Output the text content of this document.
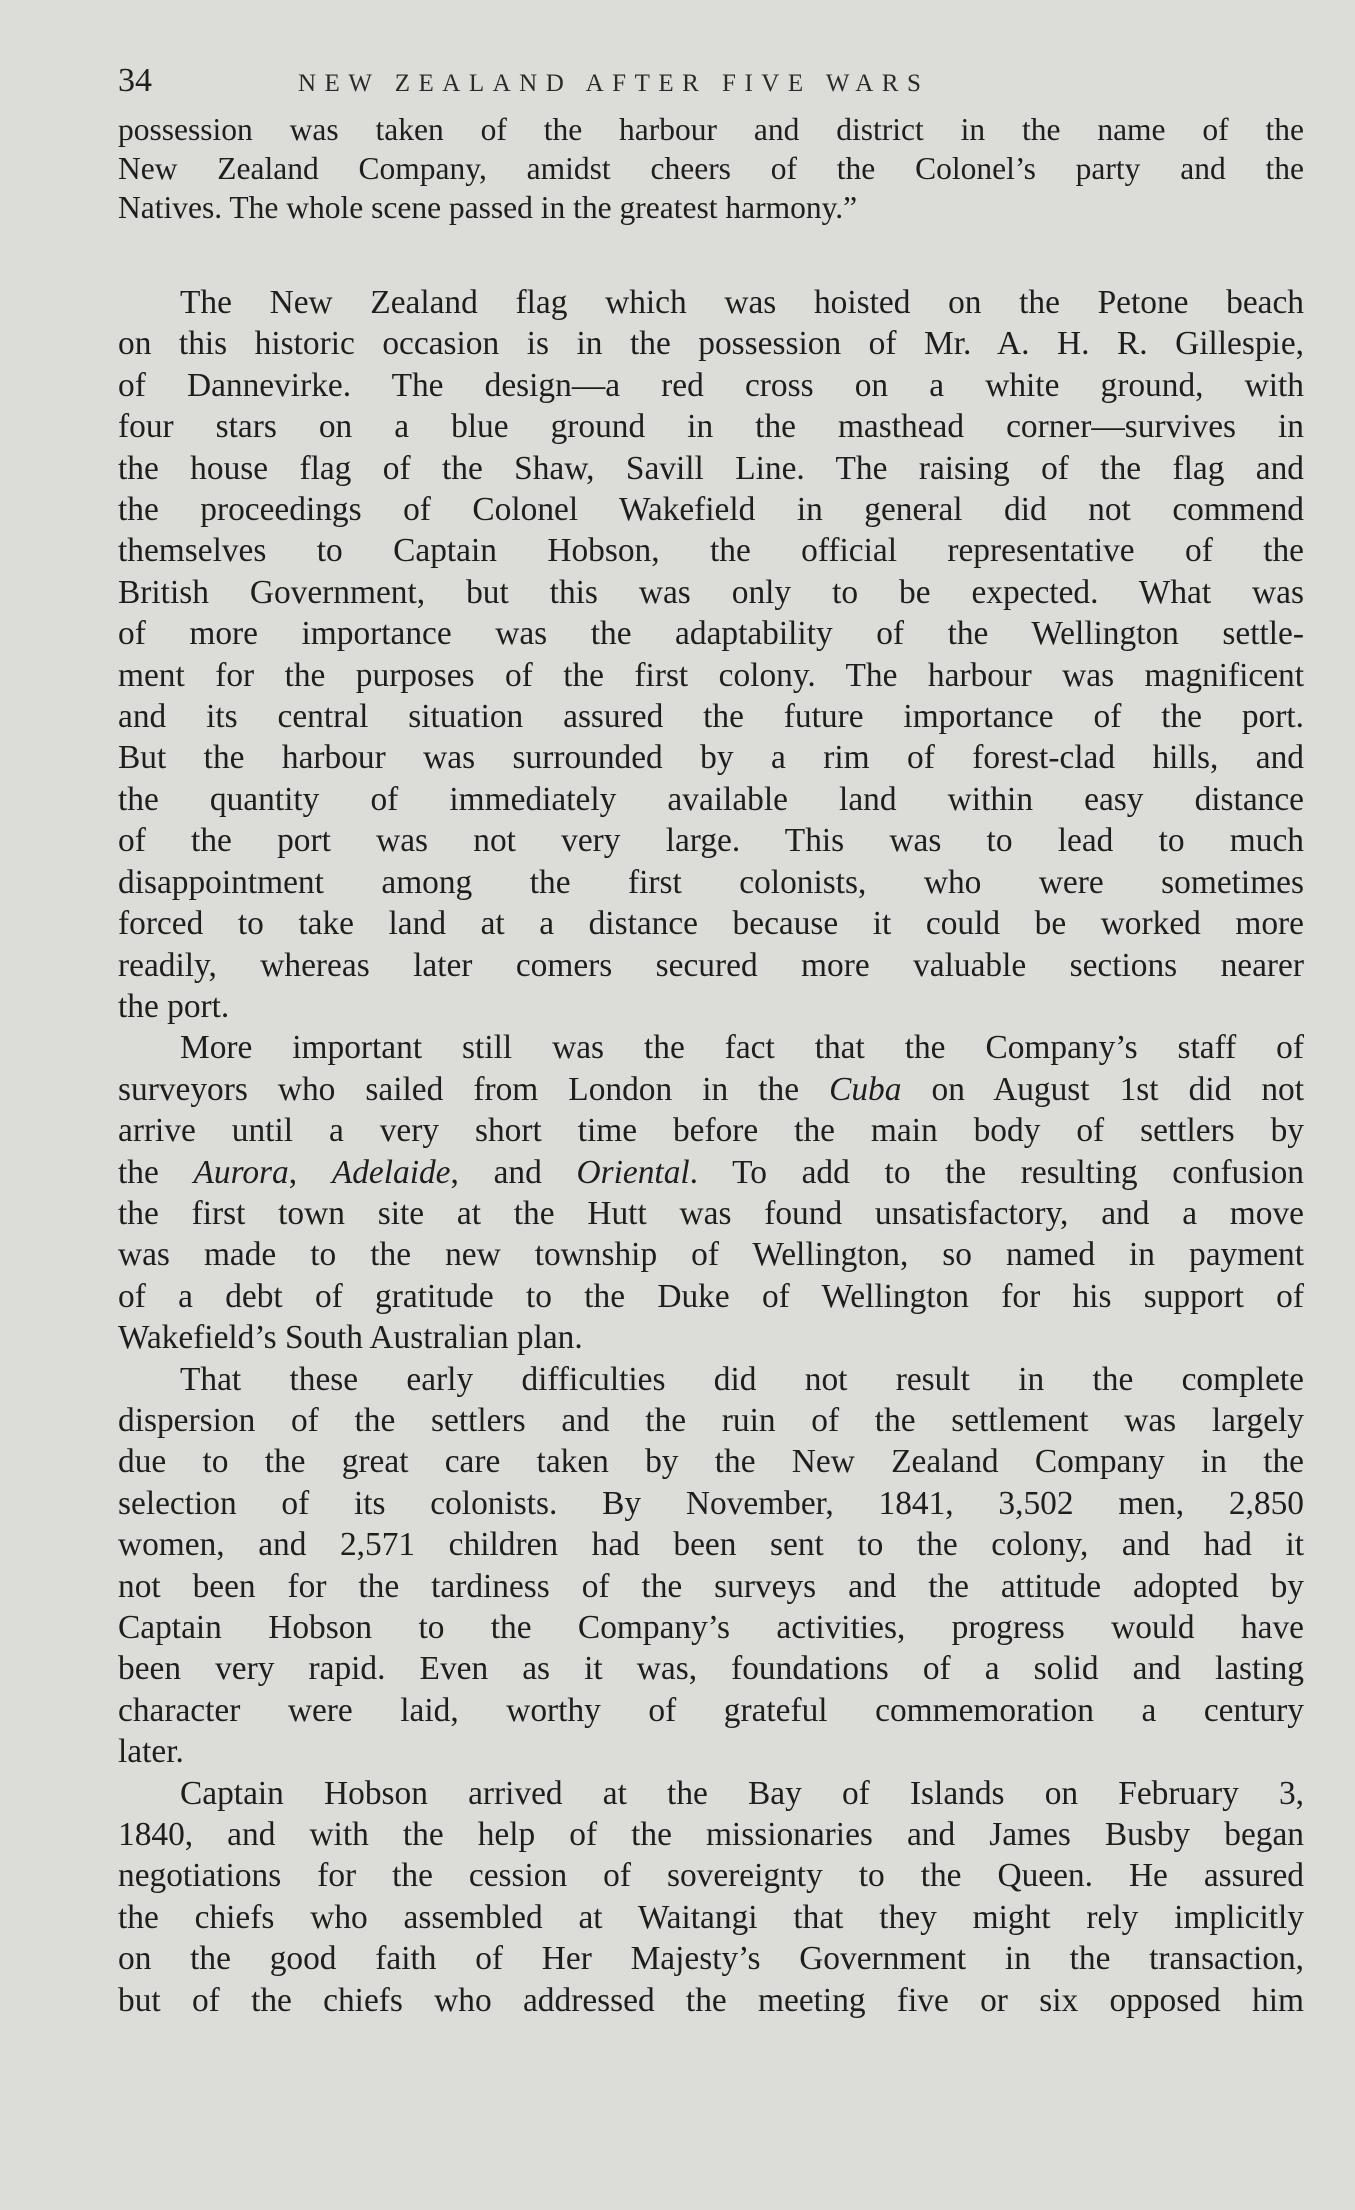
34	NEW ZEALAND AFTER FIVE WARS
possession was taken of the harbour and district in the name of the
New Zealand Company, amidst cheers of the Colonel’s party and the
Natives. The whole scene passed in the greatest harmony.”
The New Zealand flag which was hoisted on the Petone beach
on this historic occasion is in the possession of Mr. A. H. R. Gillespie,
of Dannevirke. The design—a red cross on a white ground, with
four stars on a blue ground in the masthead corner—survives in
the house flag of the Shaw, Savill Line. The raising of the flag and
the proceedings of Colonel Wakefield in general did not commend
themselves to Captain Hobson, the official representative of the
British Government, but this was only to be expected. What was
of more importance was the adaptability of the Wellington settle-
ment for the purposes of the first colony. The harbour was magnificent
and its central situation assured the future importance of the port.
But the harbour was surrounded by a rim of forest-clad hills, and
the quantity of immediately available land within easy distance
of the port was not very large. This was to lead to much
disappointment among the first colonists, who were sometimes
forced to take land at a distance because it could be worked more
readily, whereas later comers secured more valuable sections nearer
the port.
More important still was the fact that the Company’s staff of
surveyors who sailed from London in the Cuba on August 1st did not
arrive until a very short time before the main body of settlers by
the Aurora, Adelaide, and Oriental. To add to the resulting confusion
the first town site at the Hutt was found unsatisfactory, and a move
was made to the new township of Wellington, so named in payment
of a debt of gratitude to the Duke of Wellington for his support of
Wakefield’s South Australian plan.
That these early difficulties did not result in the complete
dispersion of the settlers and the ruin of the settlement was largely
due to the great care taken by the New Zealand Company in the
selection of its colonists. By November, 1841, 3,502 men, 2,850
women, and 2,571 children had been sent to the colony, and had it
not been for the tardiness of the surveys and the attitude adopted by
Captain Hobson to the Company’s activities, progress would have
been very rapid. Even as it was, foundations of a solid and lasting
character were laid, worthy of grateful commemoration a century
later.
Captain Hobson arrived at the Bay of Islands on February 3,
1840, and with the help of the missionaries and James Busby began
negotiations for the cession of sovereignty to the Queen. He assured
the chiefs who assembled at Waitangi that they might rely implicitly
on the good faith of Her Majesty’s Government in the transaction,
but of the chiefs who addressed the meeting five or six opposed him
